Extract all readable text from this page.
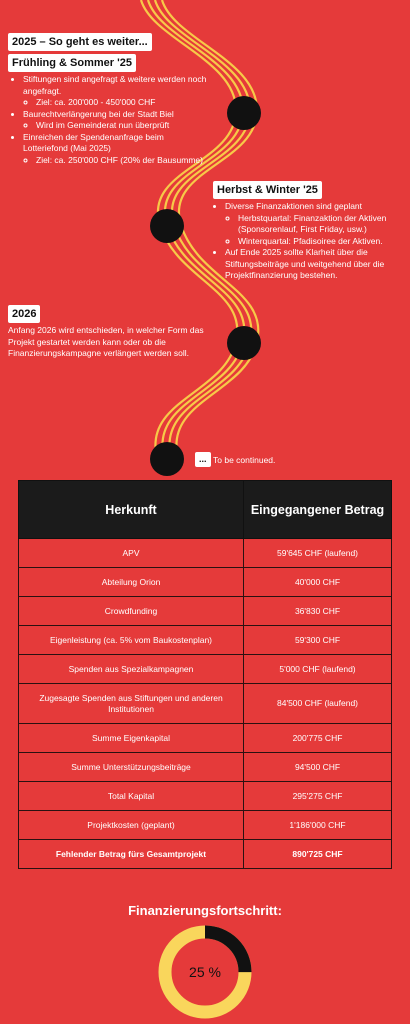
2025 – So geht es weiter...
Frühling & Sommer '25
• Stiftungen sind angefragt & weitere werden noch angefragt.
◦ Ziel: ca. 200'000 - 450'000 CHF
• Baurechtverlängerung bei der Stadt Biel
◦ Wird im Gemeinderat nun überprüft
• Einreichen der Spendenanfrage beim Lotteriefond (Mai 2025)
◦ Ziel: ca. 250'000 CHF (20% der Bausumme)
Herbst & Winter '25
• Diverse Finanzaktionen sind geplant
◦ Herbstquartal: Finanzaktion der Aktiven (Sponsorenlauf, First Friday, usw.)
◦ Winterquartal: Pfadisoiree der Aktiven.
• Auf Ende 2025 sollte Klarheit über die Stiftungsbeiträge und weitgehend über die Projektfinanzierung bestehen.
2026
Anfang 2026 wird entschieden, in welcher Form das Projekt gestartet werden kann oder ob die Finanzierungskampagne verlängert werden soll.
... To be continued.
Herkunft	Eingegangener Betrag
APV	59'645 CHF (laufend)
Abteilung Orion	40'000 CHF
Crowdfunding	36'830 CHF
Eigenleistung (ca. 5% vom Baukostenplan)	59'300 CHF
Spenden aus Spezialkampagnen	5'000 CHF (laufend)
Zugesagte Spenden aus Stiftungen und anderen Institutionen	84'500 CHF (laufend)
Summe Eigenkapital	200'775 CHF
Summe Unterstützungsbeiträge	94'500 CHF
Total Kapital	295'275 CHF
Projektkosten (geplant)	1'186'000 CHF
Fehlender Betrag fürs Gesamtprojekt	890'725 CHF
Finanzierungsfortschritt:
25 %
